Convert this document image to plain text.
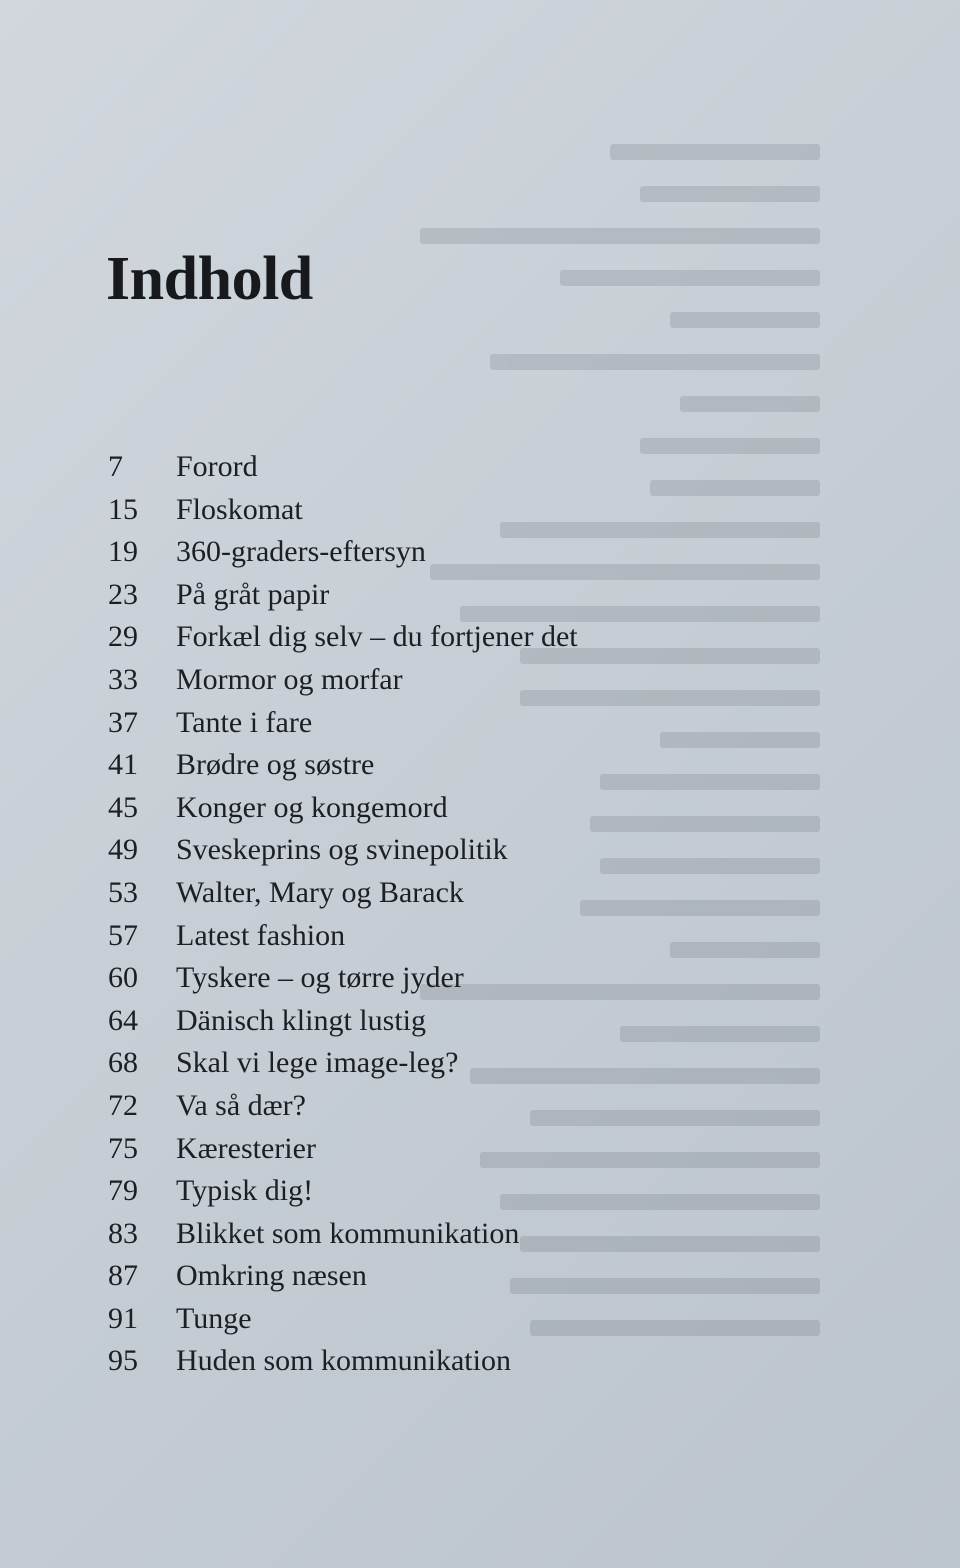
Indhold
7	Forord
15	Floskomat
19	360-graders-eftersyn
23	På gråt papir
29	Forkæl dig selv – du fortjener det
33	Mormor og morfar
37	Tante i fare
41	Brødre og søstre
45	Konger og kongemord
49	Sveskeprins og svinepolitik
53	Walter, Mary og Barack
57	Latest fashion
60	Tyskere – og tørre jyder
64	Dänisch klingt lustig
68	Skal vi lege image-leg?
72	Va så dær?
75	Kæresterier
79	Typisk dig!
83	Blikket som kommunikation
87	Omkring næsen
91	Tunge
95	Huden som kommunikation
